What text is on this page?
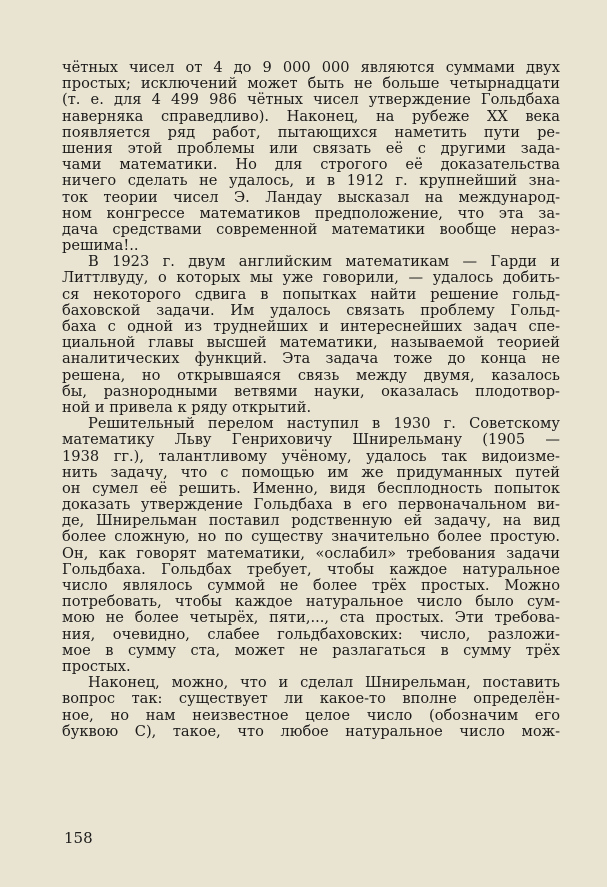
чётных чисел от 4 до 9 000 000 являются суммами двух
простых; исключений может быть не больше четырнадцати
(т. е. для 4 499 986 чётных чисел утверждение Гольдбаха
наверняка справедливо). Наконец, на рубеже XX века
появляется ряд работ, пытающихся наметить пути ре-
шения этой проблемы или связать её с другими зада-
чами математики. Но для строгого её доказательства
ничего сделать не удалось, и в 1912 г. крупнейший зна-
ток теории чисел Э. Ландау высказал на международ-
ном конгрессе математиков предположение, что эта за-
дача средствами современной математики вообще нераз-
решима!..
В 1923 г. двум английским математикам — Гарди и
Литтлвуду, о которых мы уже говорили, — удалось добить-
ся некоторого сдвига в попытках найти решение гольд-
баховской задачи. Им удалось связать проблему Гольд-
баха с одной из труднейших и интереснейших задач спе-
циальной главы высшей математики, называемой теорией
аналитических функций. Эта задача тоже до конца не
решена, но открывшаяся связь между двумя, казалось
бы, разнородными ветвями науки, оказалась плодотвор-
ной и привела к ряду открытий.
Решительный перелом наступил в 1930 г. Советскому
математику Льву Генриховичу Шнирельману (1905 —
1938 гг.), талантливому учёному, удалось так видоизме-
нить задачу, что с помощью им же придуманных путей
он сумел её решить. Именно, видя бесплодность попыток
доказать утверждение Гольдбаха в его первоначальном ви-
де, Шнирельман поставил родственную ей задачу, на вид
более сложную, но по существу значительно более простую.
Он, как говорят математики, «ослабил» требования задачи
Гольдбаха. Гольдбах требует, чтобы каждое натуральное
число являлось суммой не более трёх простых. Можно
потребовать, чтобы каждое натуральное число было сум-
мою не более четырёх, пяти,..., ста простых. Эти требова-
ния, очевидно, слабее гольдбаховских: число, разложи-
мое в сумму ста, может не разлагаться в сумму трёх
простых.
Наконец, можно, что и сделал Шнирельман, поставить
вопрос так: существует ли какое-то вполне определён-
ное, но нам неизвестное целое число (обозначим его
буквою C), такое, что любое натуральное число мож-
158
